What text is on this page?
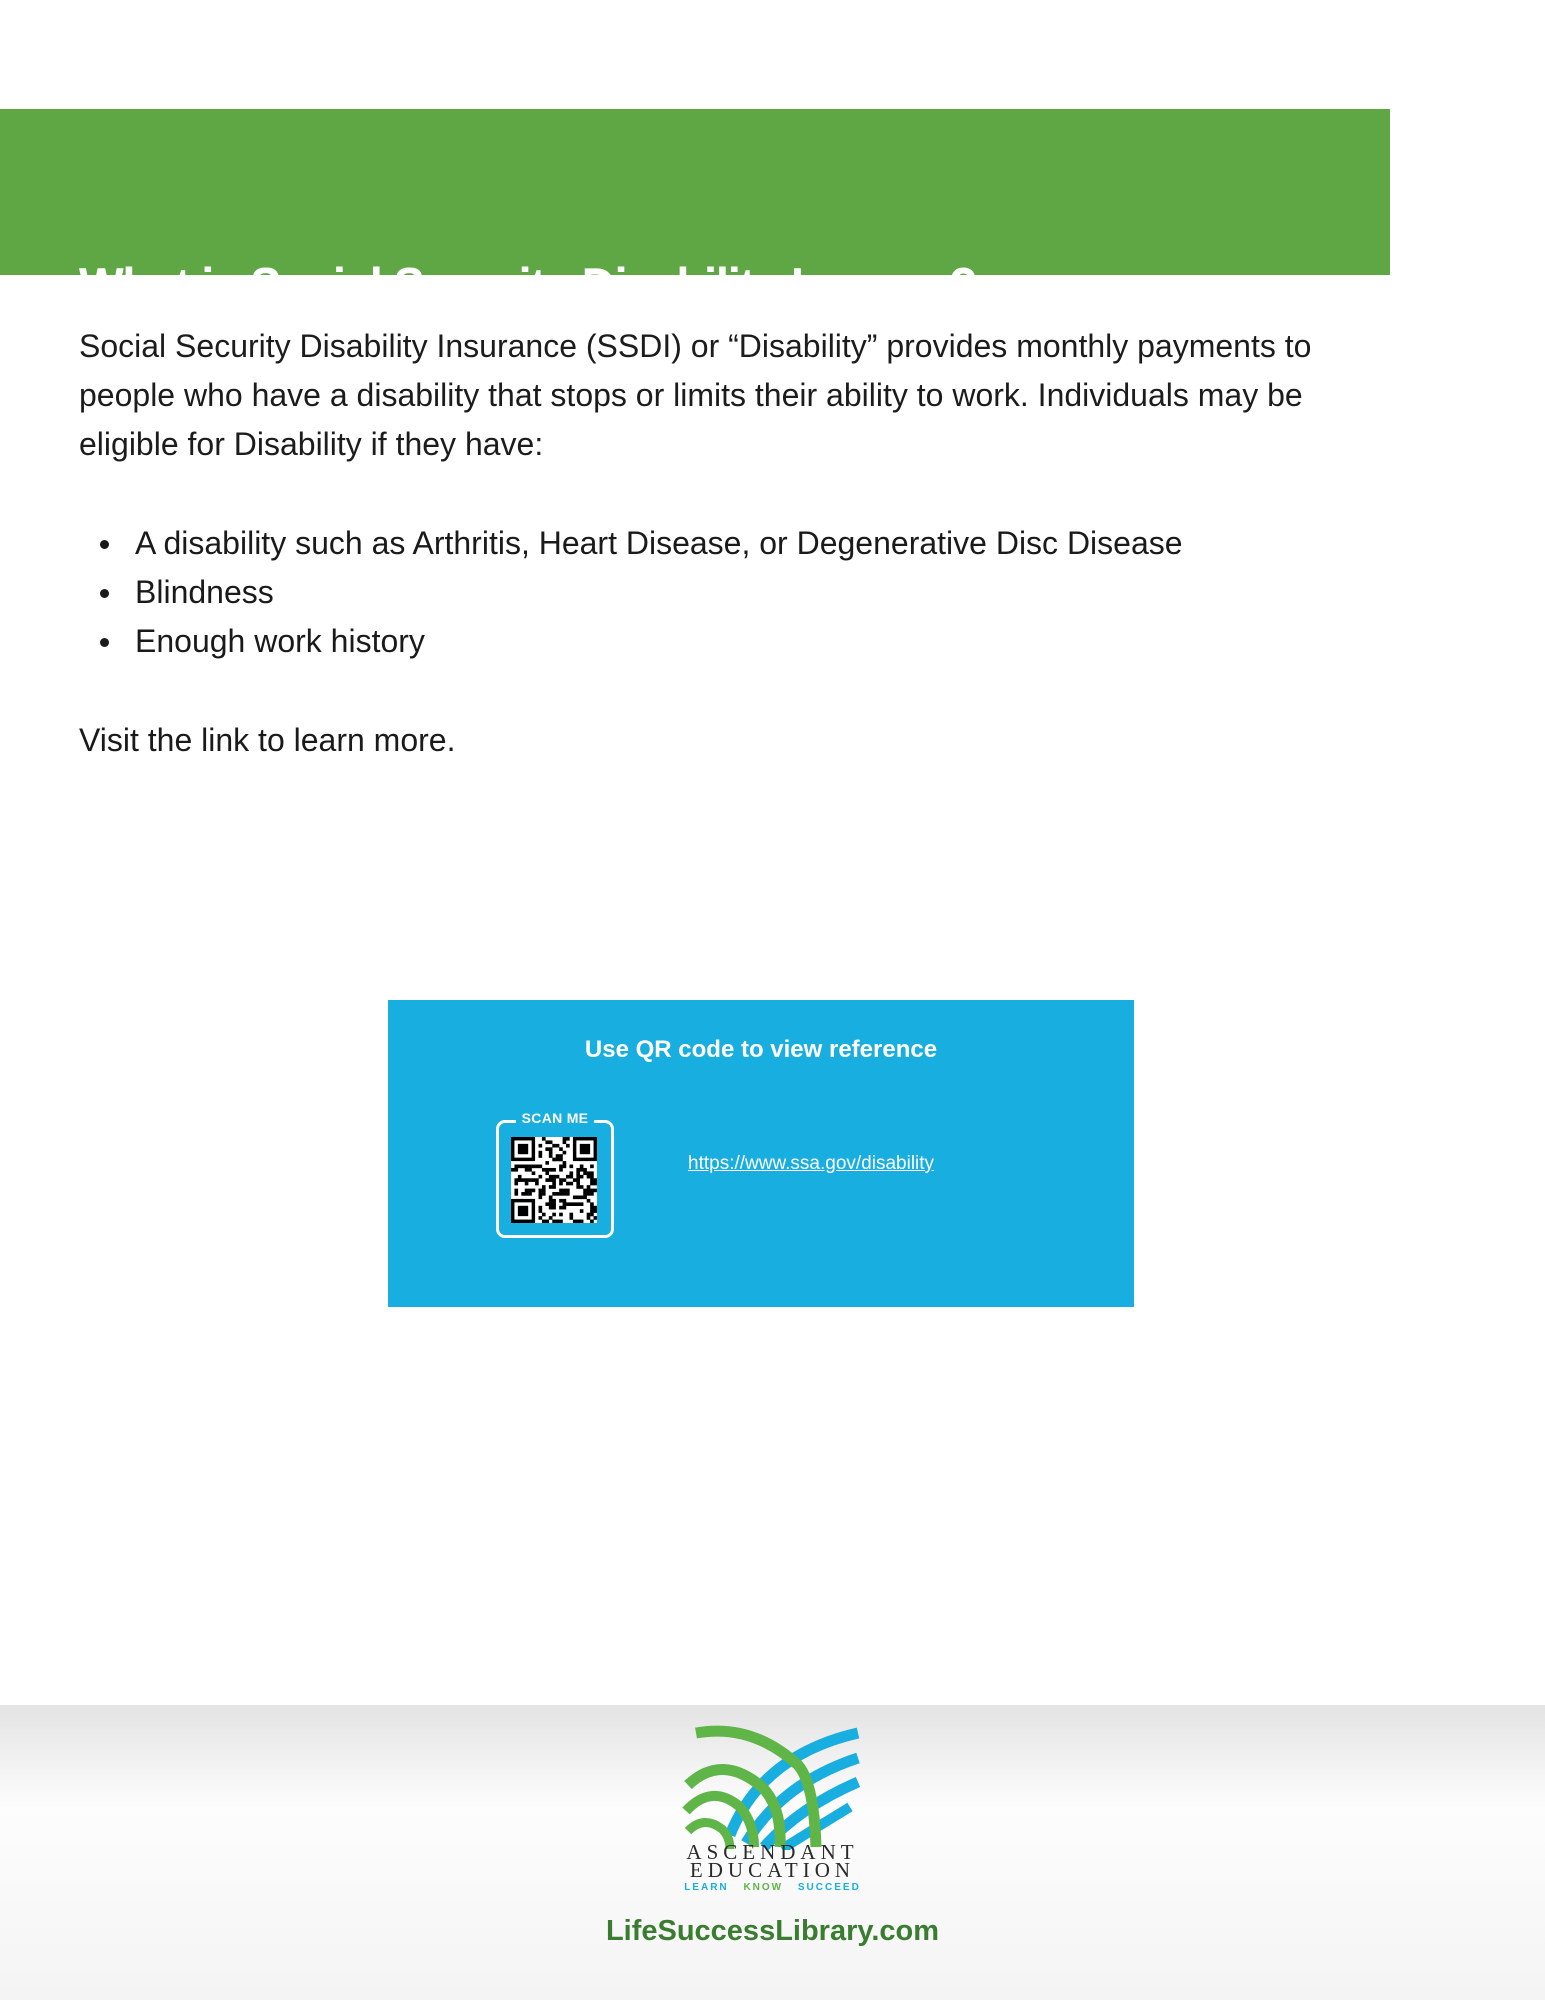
What is Social Security Disability Income?

Social Security Disability Insurance (SSDI) or “Disability” provides monthly payments to people who have a disability that stops or limits their ability to work. Individuals may be eligible for Disability if they have:

A disability such as Arthritis, Heart Disease, or Degenerative Disc Disease
Blindness
Enough work history

Visit the link to learn more.

Use QR code to view reference
SCAN ME
https://www.ssa.gov/disability
ASCENDANT
EDUCATION
LEARN KNOW SUCCEED
LifeSuccessLibrary.com
